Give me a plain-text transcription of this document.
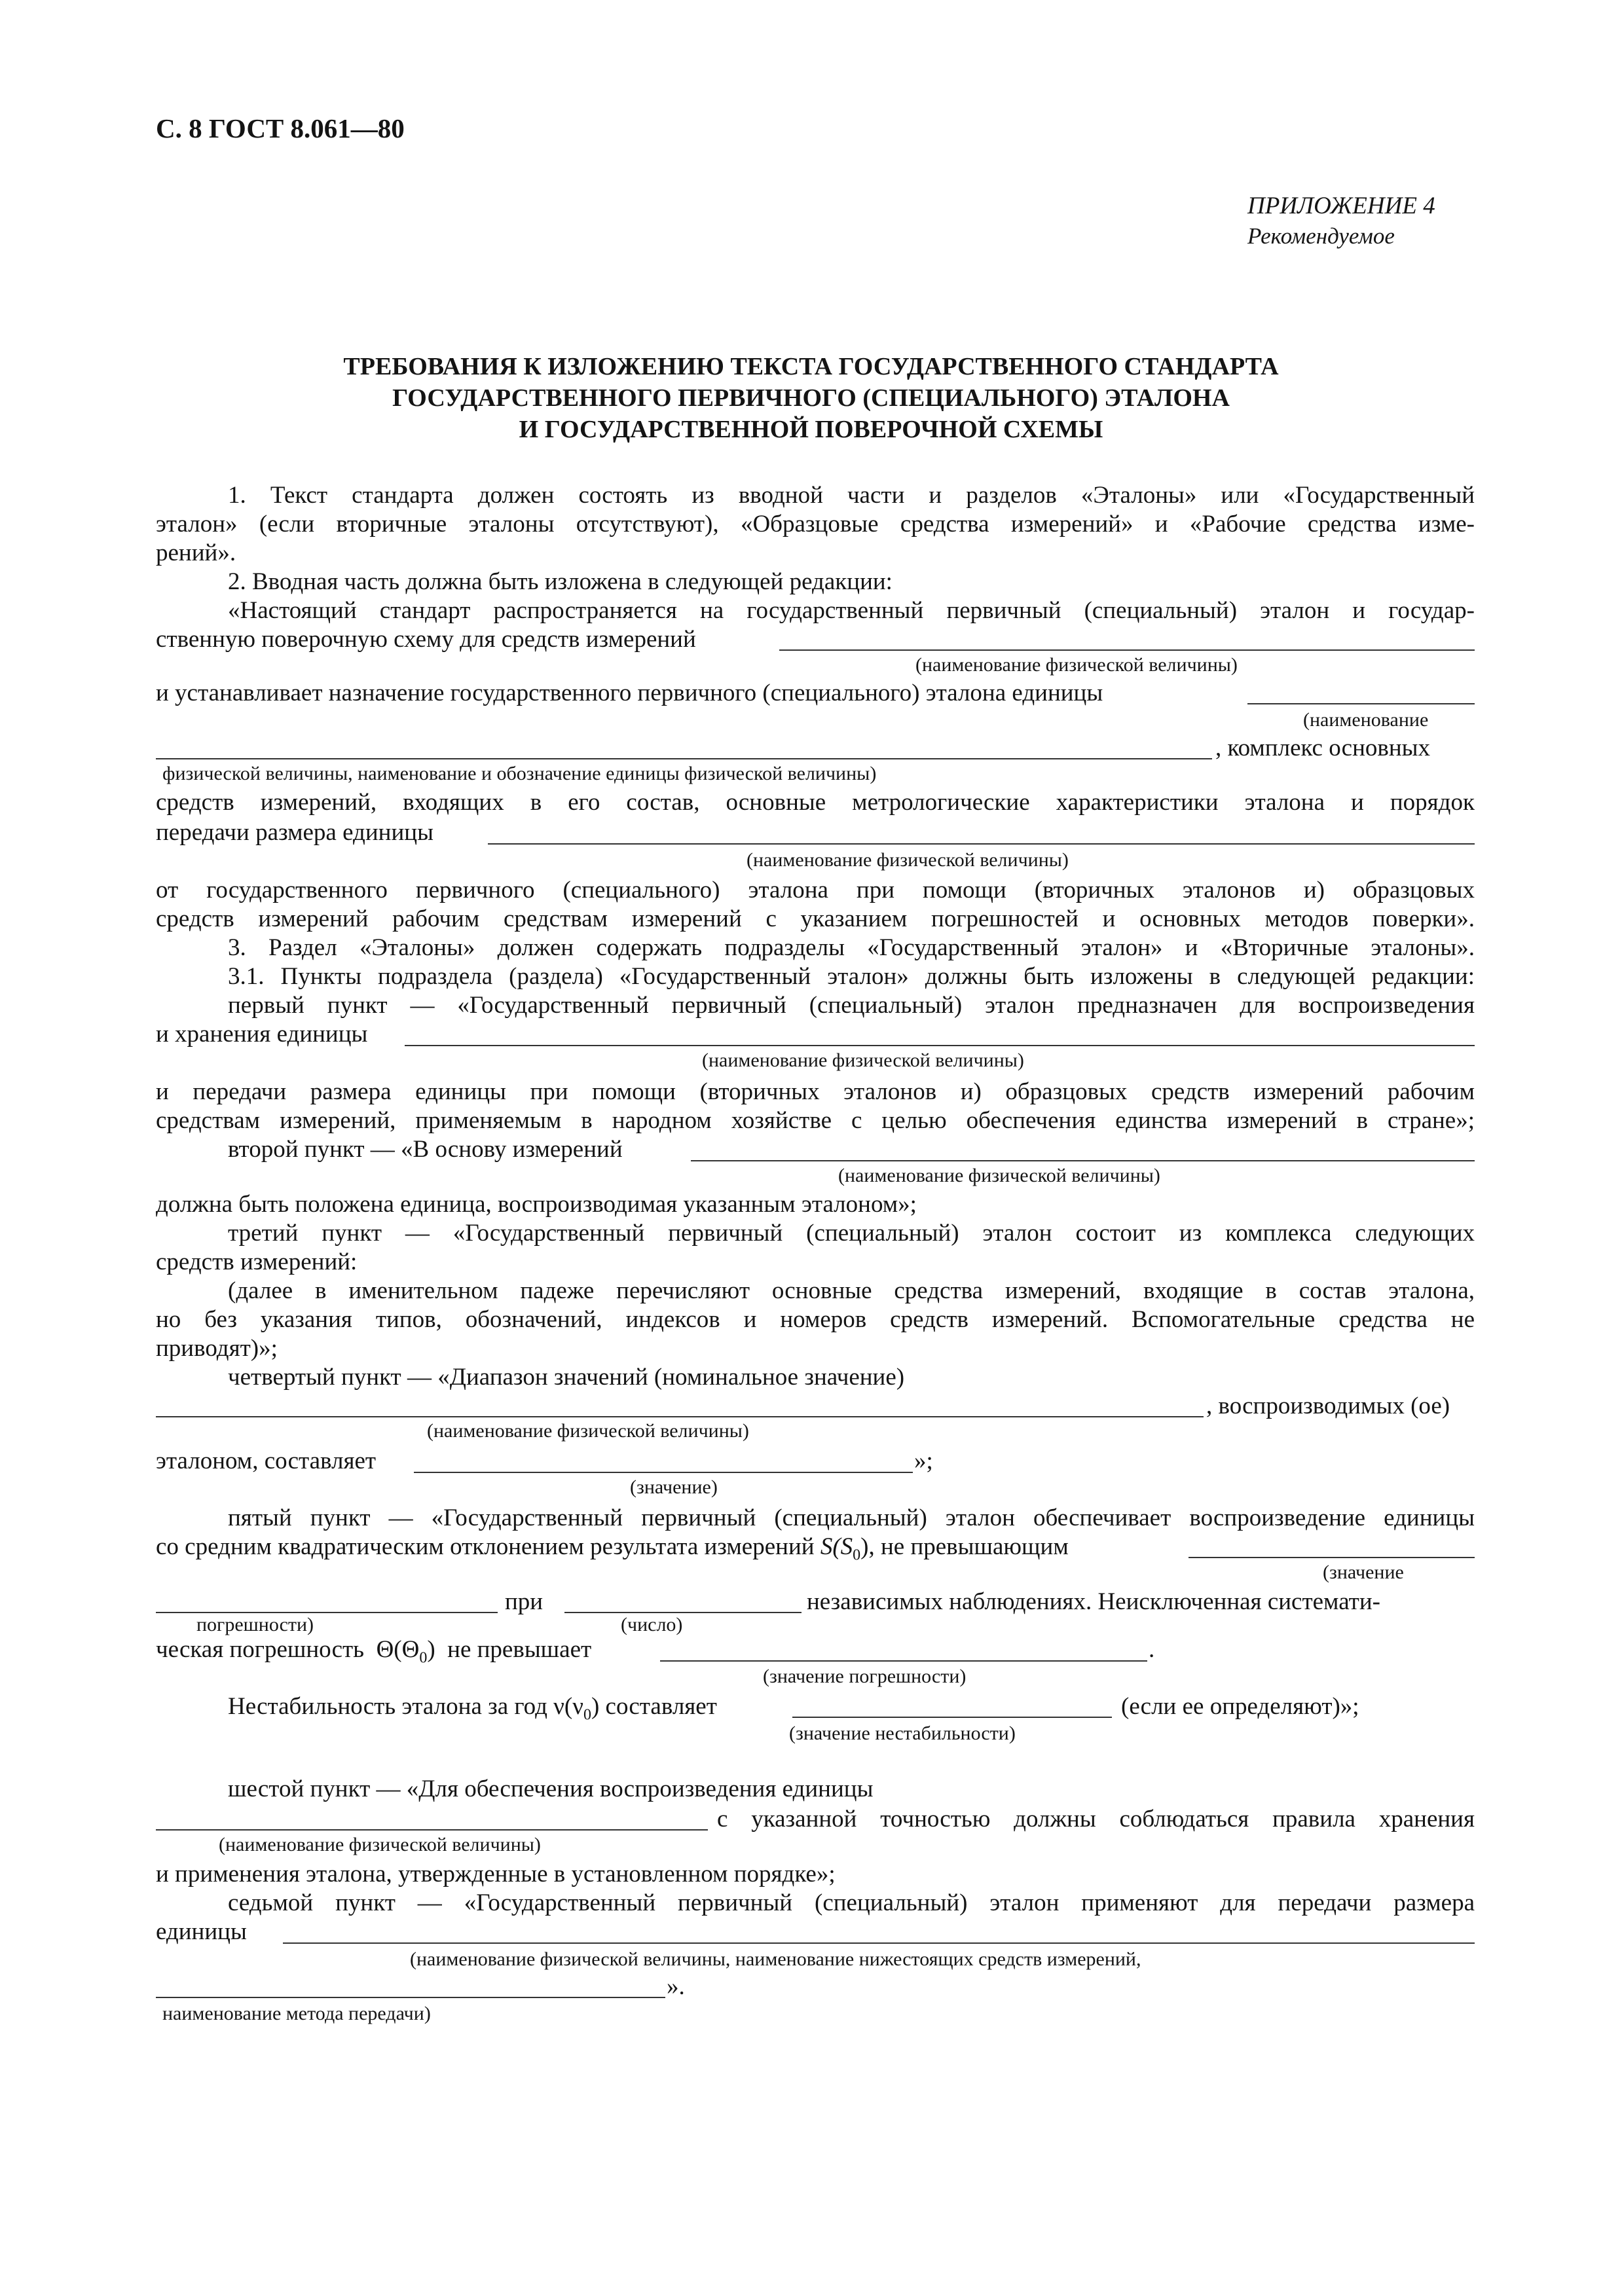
С. 8 ГОСТ 8.061—80
ПРИЛОЖЕНИЕ 4
Рекомендуемое
ТРЕБОВАНИЯ К ИЗЛОЖЕНИЮ ТЕКСТА ГОСУДАРСТВЕННОГО СТАНДАРТА
ГОСУДАРСТВЕННОГО ПЕРВИЧНОГО (СПЕЦИАЛЬНОГО) ЭТАЛОНА
И ГОСУДАРСТВЕННОЙ ПОВЕРОЧНОЙ СХЕМЫ
1. Текст стандарта должен состоять из вводной части и разделов «Эталоны» или «Государственный
эталон» (если вторичные эталоны отсутствуют), «Образцовые средства измерений» и «Рабочие средства изме-
рений».
2. Вводная часть должна быть изложена в следующей редакции:
«Настоящий стандарт распространяется на государственный первичный (специальный) эталон и государ-
ственную поверочную схему для средств измерений
(наименование физической величины)
и устанавливает назначение государственного первичного (специального) эталона единицы
(наименование
, комплекс основных
физической величины, наименование и обозначение единицы физической величины)
средств измерений, входящих в его состав, основные метрологические характеристики эталона и порядок
передачи размера единицы
(наименование физической величины)
от государственного первичного (специального) эталона при помощи (вторичных эталонов и) образцовых
средств измерений рабочим средствам измерений с указанием погрешностей и основных методов поверки».
3. Раздел «Эталоны» должен содержать подразделы «Государственный эталон» и «Вторичные эталоны».
3.1. Пункты подраздела (раздела) «Государственный эталон» должны быть изложены в следующей редакции:
первый пункт — «Государственный первичный (специальный) эталон предназначен для воспроизведения
и хранения единицы
(наименование физической величины)
и передачи размера единицы при помощи (вторичных эталонов и) образцовых средств измерений рабочим
средствам измерений, применяемым в народном хозяйстве с целью обеспечения единства измерений в стране»;
второй пункт — «В основу измерений
(наименование физической величины)
должна быть положена единица, воспроизводимая указанным эталоном»;
третий пункт — «Государственный первичный (специальный) эталон состоит из комплекса следующих
средств измерений:
(далее в именительном падеже перечисляют основные средства измерений, входящие в состав эталона,
но без указания типов, обозначений, индексов и номеров средств измерений. Вспомогательные средства не
приводят)»;
четвертый пункт — «Диапазон значений (номинальное значение)
, воспроизводимых (ое)
(наименование физической величины)
эталоном, составляет	»;
(значение)
пятый пункт — «Государственный первичный (специальный) эталон обеспечивает воспроизведение единицы
со средним квадратическим отклонением результата измерений $S(S_0)$, не превышающим
(значение
при	независимых наблюдениях. Неисключенная системати-
погрешности)	(число)
ческая погрешность $\Theta(\Theta_0)$ не превышает	.
(значение погрешности)
Нестабильность эталона за год $\nu(\nu_0)$ составляет	(если ее определяют)»;
(значение нестабильности)
шестой пункт — «Для обеспечения воспроизведения единицы
с указанной точностью должны соблюдаться правила хранения
(наименование физической величины)
и применения эталона, утвержденные в установленном порядке»;
седьмой пункт — «Государственный первичный (специальный) эталон применяют для передачи размера
единицы
(наименование физической величины, наименование нижестоящих средств измерений,
».
наименование метода передачи)
